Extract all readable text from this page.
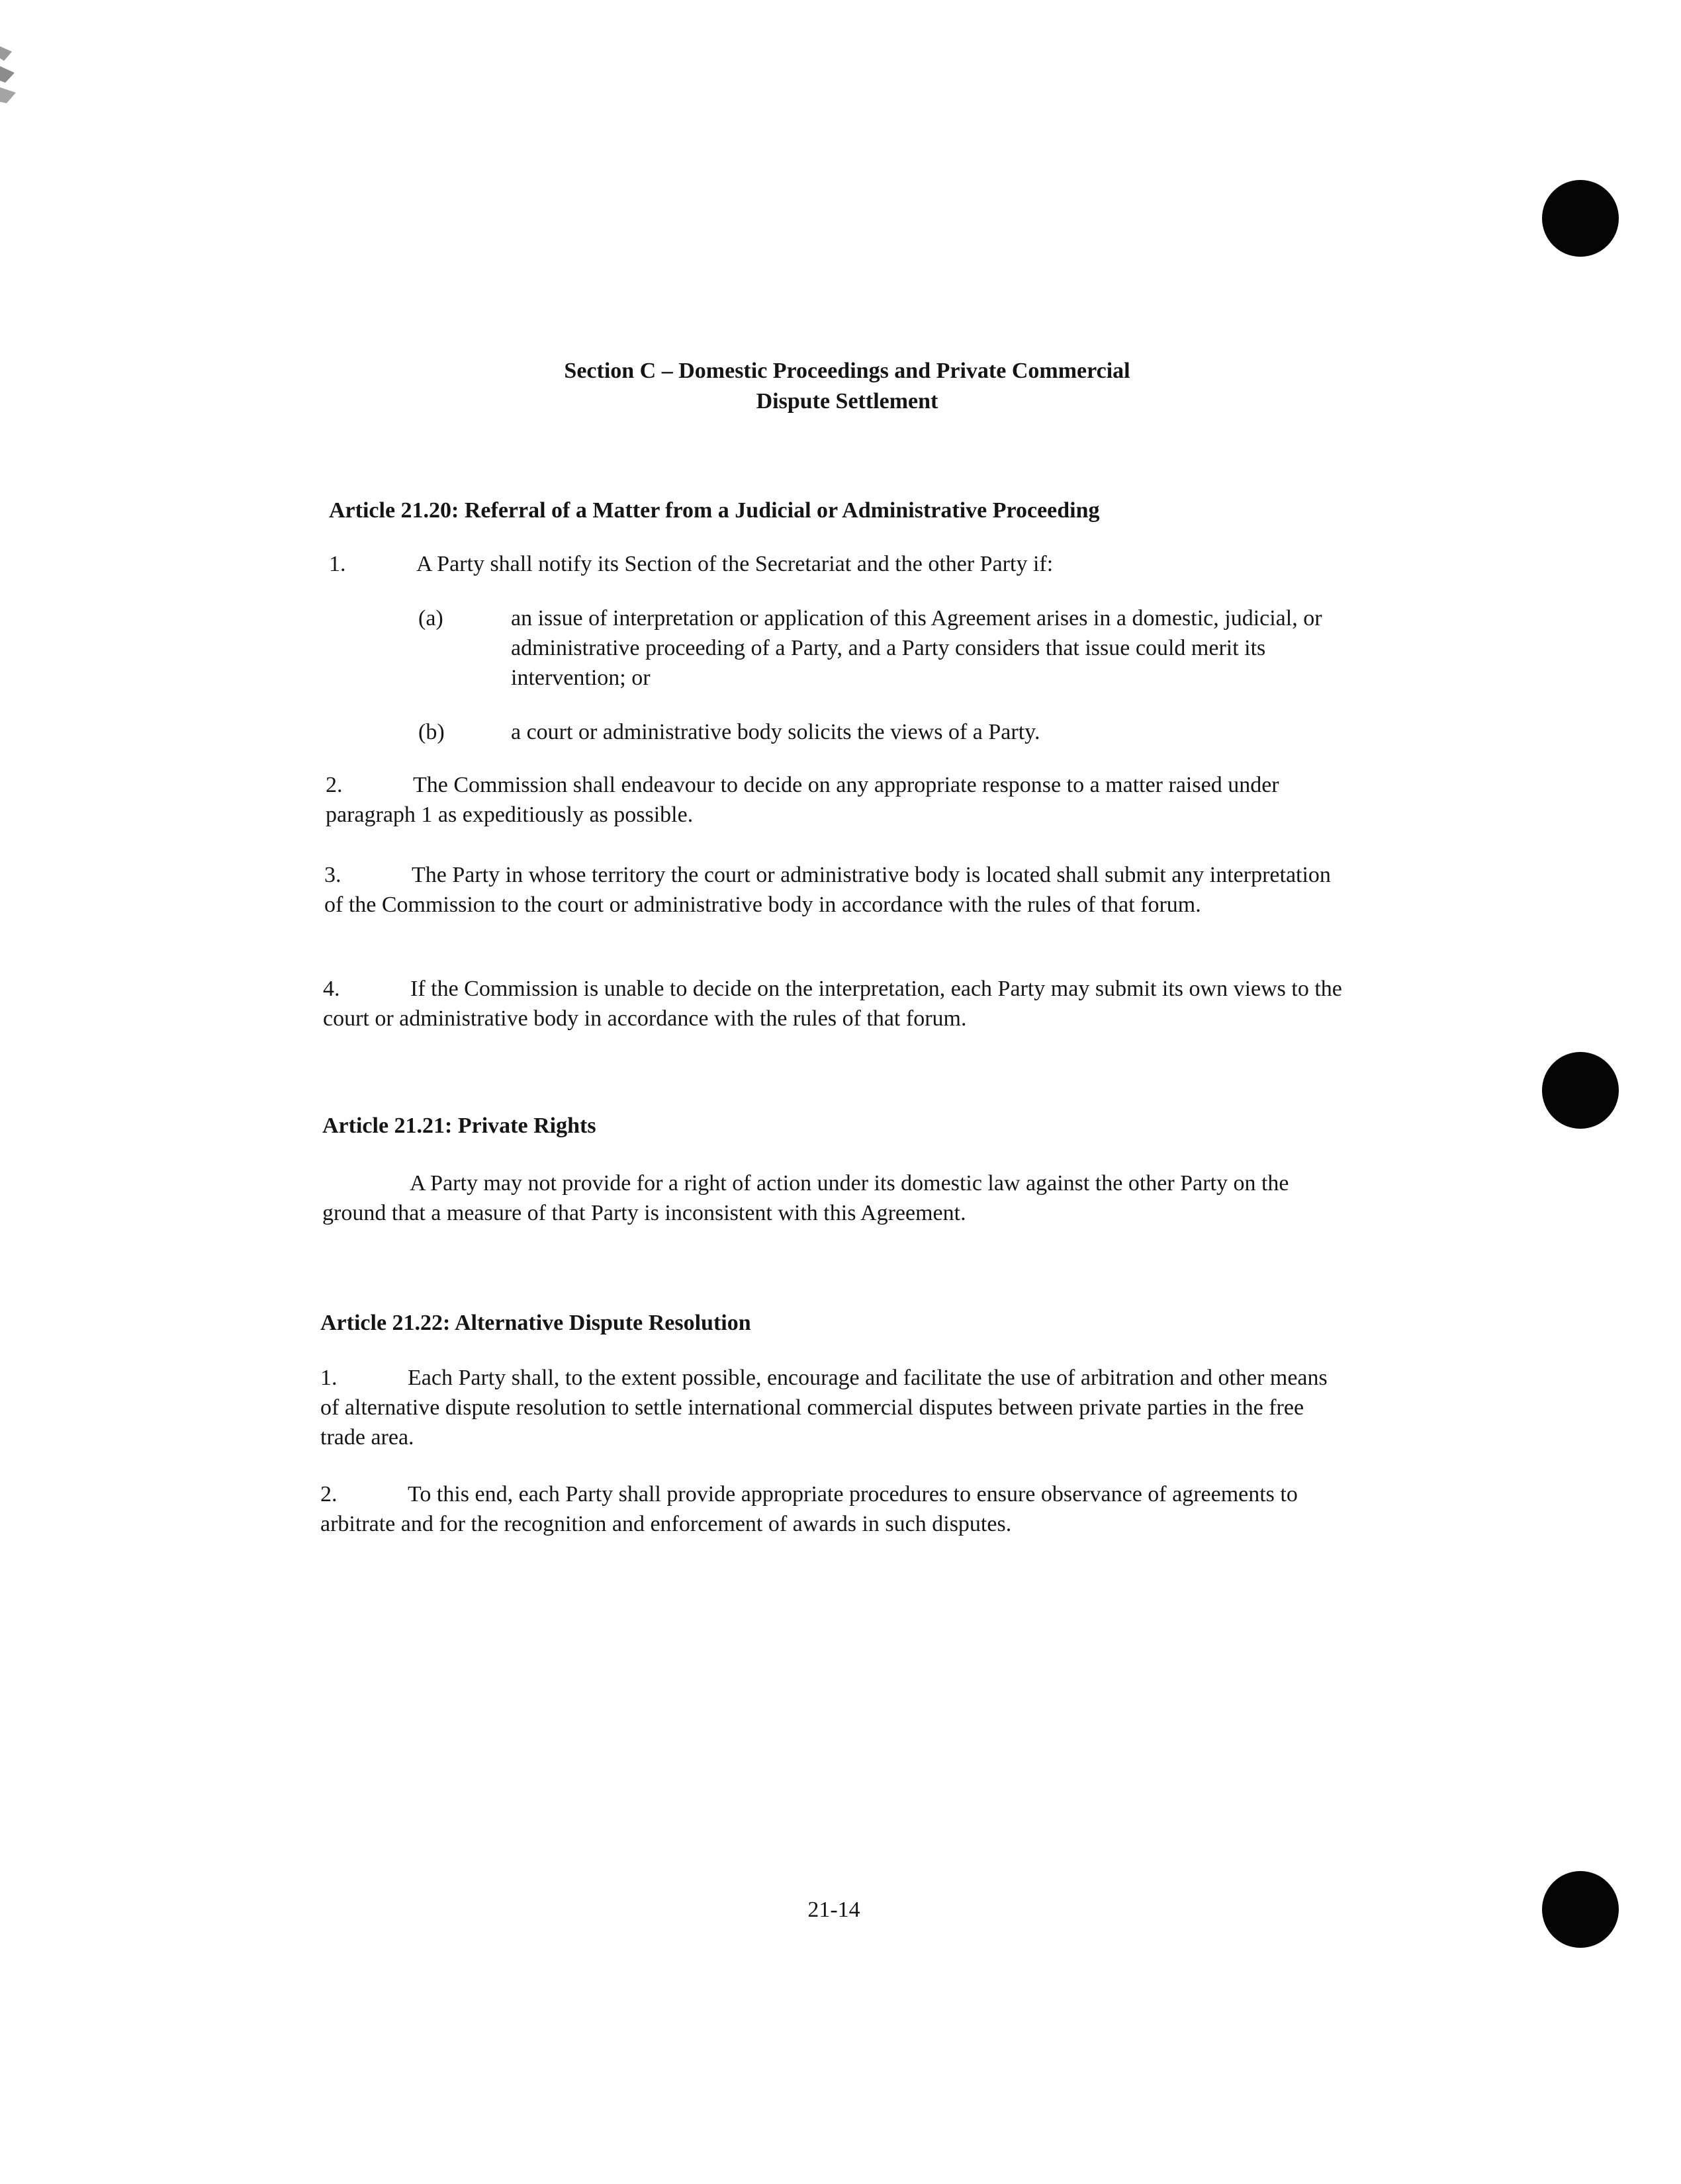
Section C – Domestic Proceedings and Private Commercial
Dispute Settlement
Article 21.20: Referral of a Matter from a Judicial or Administrative Proceeding
1.	A Party shall notify its Section of the Secretariat and the other Party if:
(a)	an issue of interpretation or application of this Agreement arises in a domestic, judicial, or administrative proceeding of a Party, and a Party considers that issue could merit its intervention; or
(b)	a court or administrative body solicits the views of a Party.
2.	The Commission shall endeavour to decide on any appropriate response to a matter raised under paragraph 1 as expeditiously as possible.
3.	The Party in whose territory the court or administrative body is located shall submit any interpretation of the Commission to the court or administrative body in accordance with the rules of that forum.
4.	If the Commission is unable to decide on the interpretation, each Party may submit its own views to the court or administrative body in accordance with the rules of that forum.
Article 21.21: Private Rights
A Party may not provide for a right of action under its domestic law against the other Party on the ground that a measure of that Party is inconsistent with this Agreement.
Article 21.22: Alternative Dispute Resolution
1.	Each Party shall, to the extent possible, encourage and facilitate the use of arbitration and other means of alternative dispute resolution to settle international commercial disputes between private parties in the free trade area.
2.	To this end, each Party shall provide appropriate procedures to ensure observance of agreements to arbitrate and for the recognition and enforcement of awards in such disputes.
21-14
